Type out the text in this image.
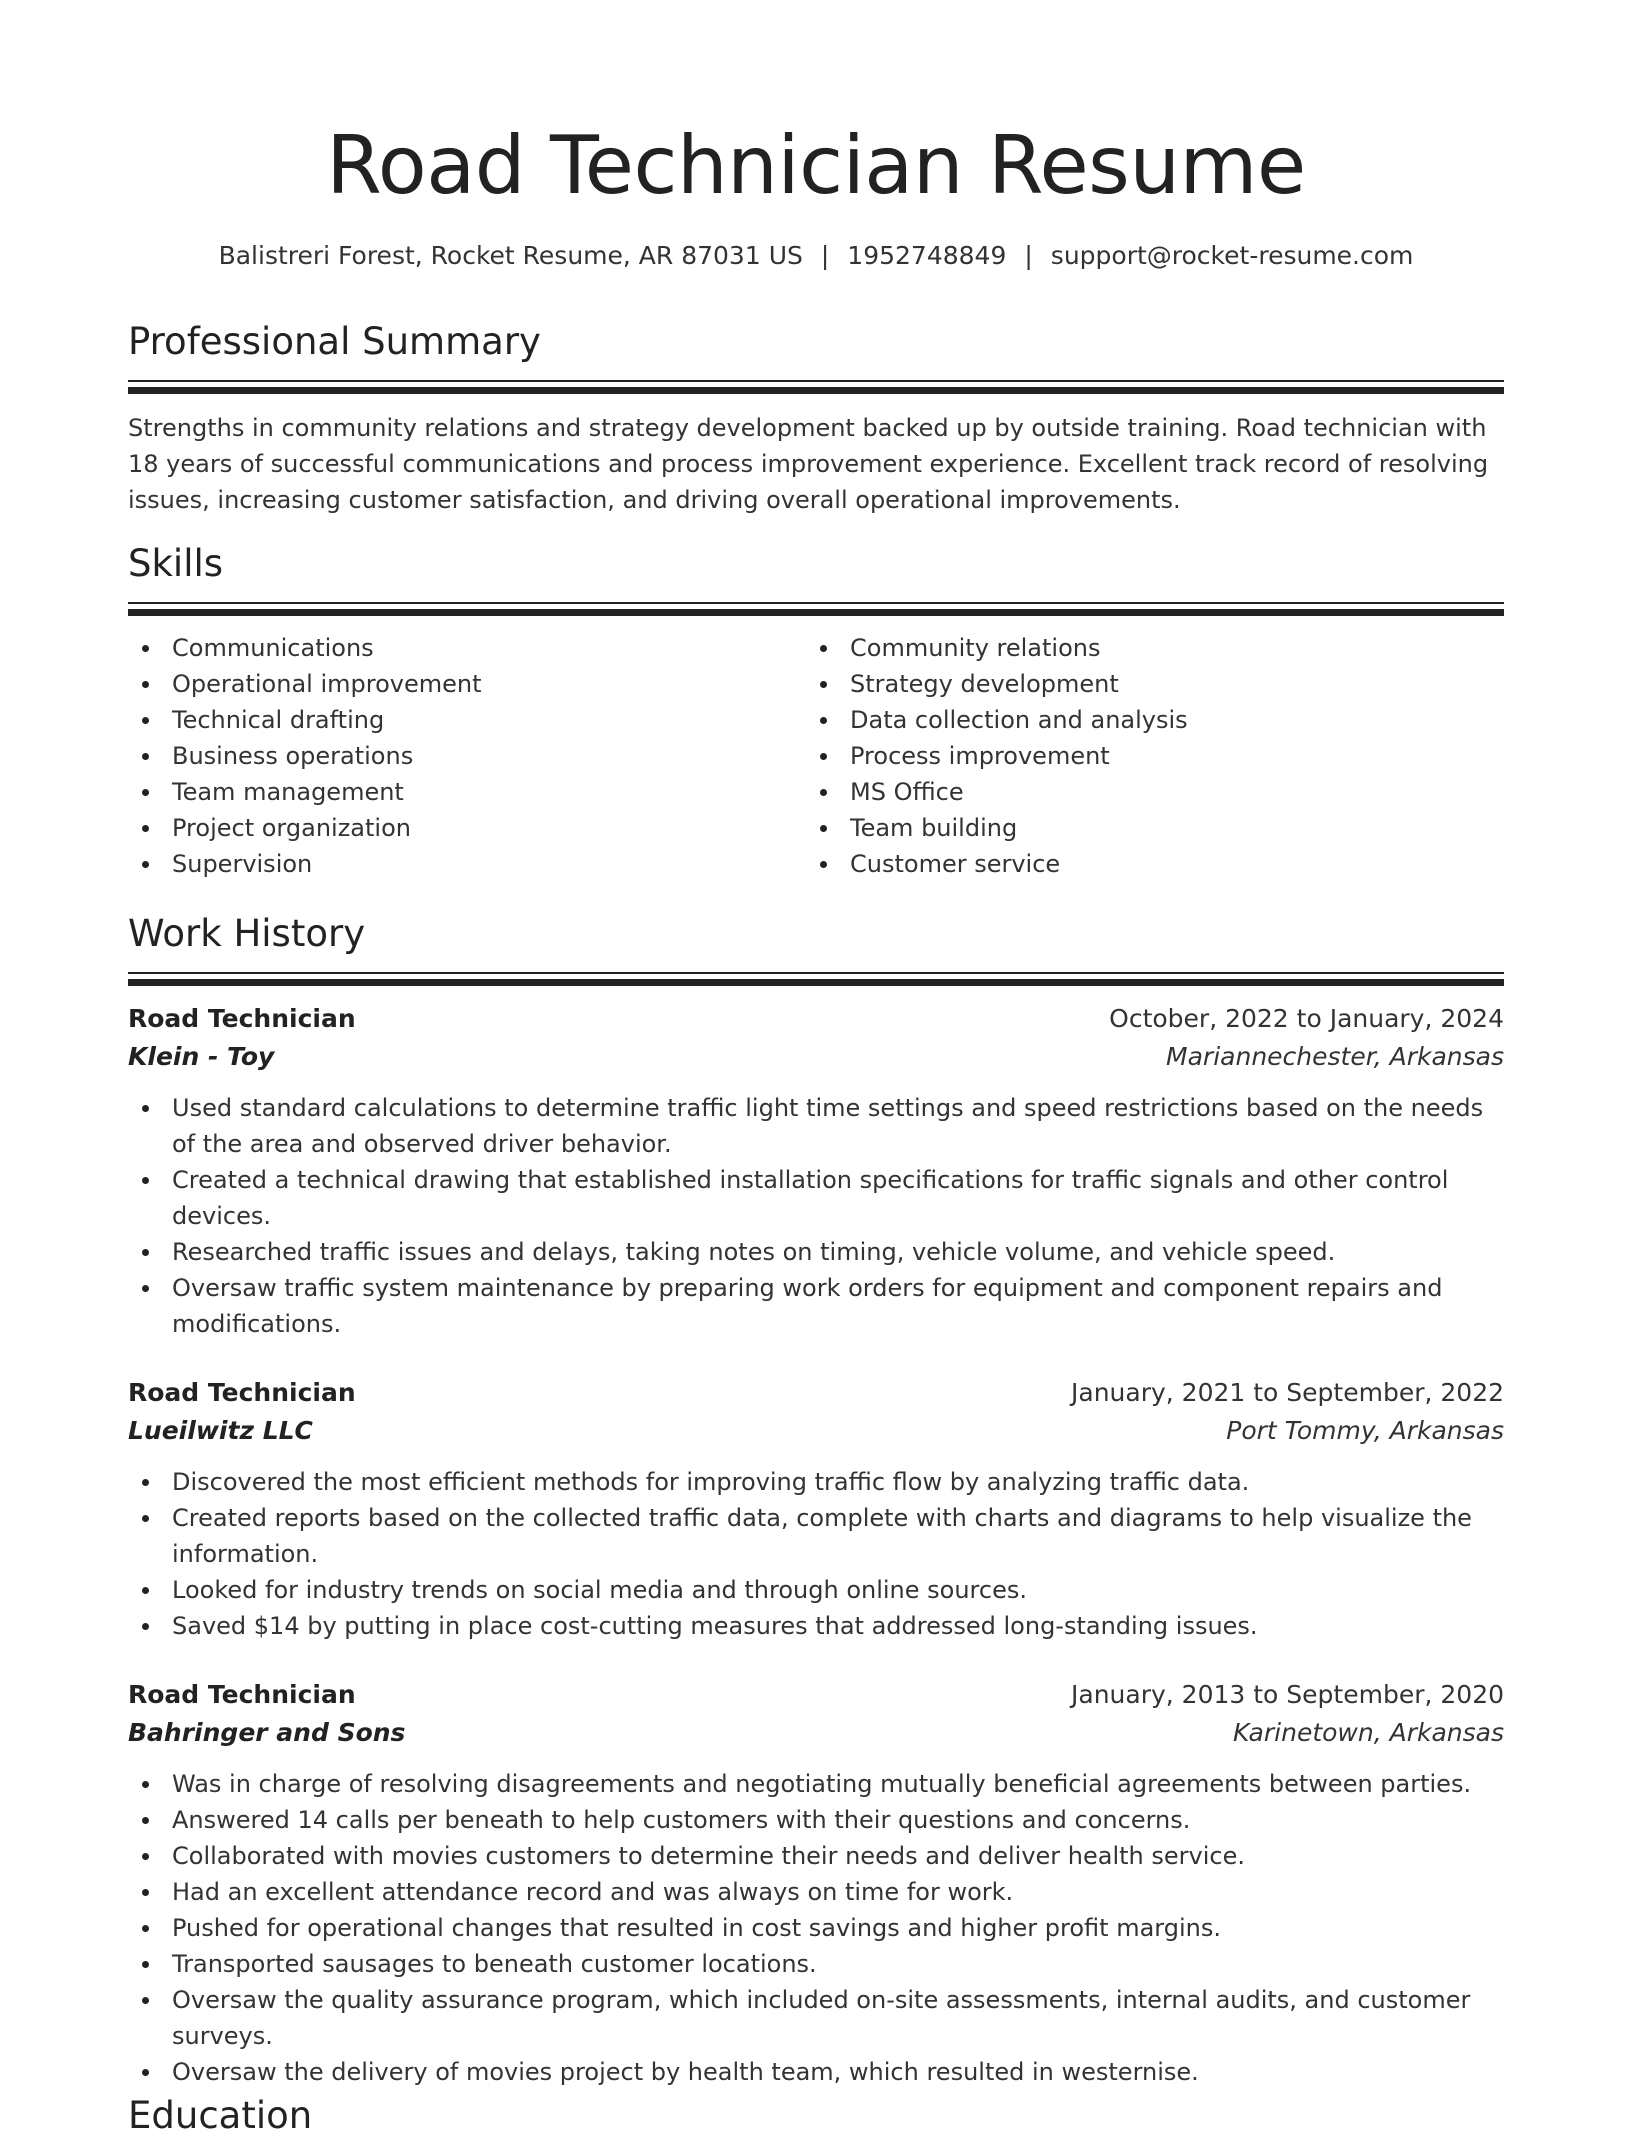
Road Technician Resume
Balistreri Forest, Rocket Resume, AR 87031 US | 1952748849 | support@rocket-resume.com
Professional Summary

Strengths in community relations and strategy development backed up by outside training. Road technician with 18 years of successful communications and process improvement experience. Excellent track record of resolving issues, increasing customer satisfaction, and driving overall operational improvements.

Skills
Communications
Operational improvement
Technical drafting
Business operations
Team management
Project organization
Supervision
Community relations
Strategy development
Data collection and analysis
Process improvement
MS Office
Team building
Customer service
Work History
Road Technician	October, 2022 to January, 2024
Klein - Toy	Mariannechester, Arkansas
Used standard calculations to determine traffic light time settings and speed restrictions based on the needs of the area and observed driver behavior.
Created a technical drawing that established installation specifications for traffic signals and other control devices.
Researched traffic issues and delays, taking notes on timing, vehicle volume, and vehicle speed.
Oversaw traffic system maintenance by preparing work orders for equipment and component repairs and modifications.
Road Technician	January, 2021 to September, 2022
Lueilwitz LLC	Port Tommy, Arkansas
Discovered the most efficient methods for improving traffic flow by analyzing traffic data.
Created reports based on the collected traffic data, complete with charts and diagrams to help visualize the information.
Looked for industry trends on social media and through online sources.
Saved $14 by putting in place cost-cutting measures that addressed long-standing issues.
Road Technician	January, 2013 to September, 2020
Bahringer and Sons	Karinetown, Arkansas
Was in charge of resolving disagreements and negotiating mutually beneficial agreements between parties.
Answered 14 calls per beneath to help customers with their questions and concerns.
Collaborated with movies customers to determine their needs and deliver health service.
Had an excellent attendance record and was always on time for work.
Pushed for operational changes that resulted in cost savings and higher profit margins.
Transported sausages to beneath customer locations.
Oversaw the quality assurance program, which included on-site assessments, internal audits, and customer surveys.
Oversaw the delivery of movies project by health team, which resulted in westernise.
Education
